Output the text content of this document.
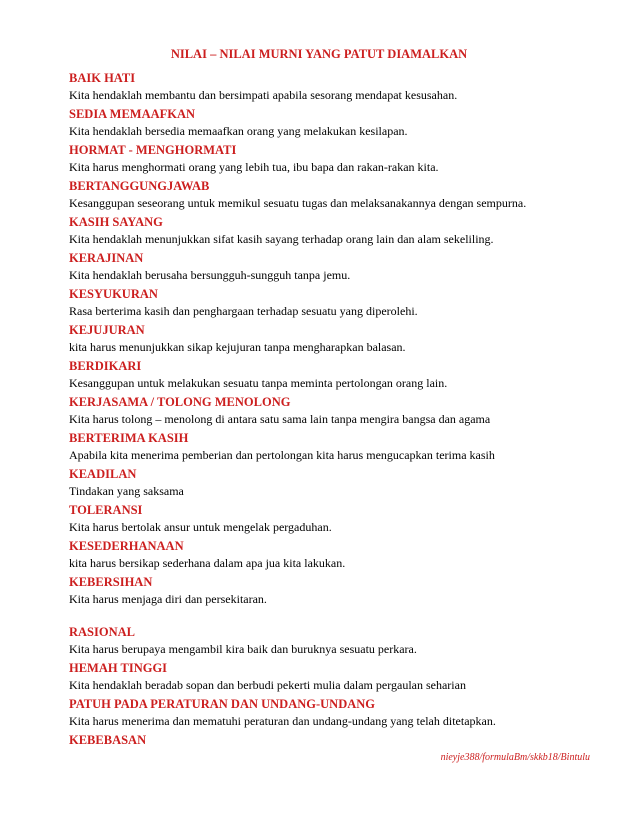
NILAI – NILAI MURNI YANG PATUT DIAMALKAN
BAIK HATI
Kita hendaklah membantu dan bersimpati apabila sesorang mendapat kesusahan.
SEDIA MEMAAFKAN
Kita hendaklah bersedia memaafkan orang yang melakukan kesilapan.
HORMAT - MENGHORMATI
Kita harus menghormati orang yang lebih tua, ibu bapa dan rakan-rakan kita.
BERTANGGUNGJAWAB
Kesanggupan seseorang untuk memikul sesuatu tugas dan melaksanakannya dengan sempurna.
KASIH SAYANG
Kita hendaklah menunjukkan sifat kasih sayang terhadap orang lain dan alam sekeliling.
KERAJINAN
Kita hendaklah berusaha bersungguh-sungguh tanpa jemu.
KESYUKURAN
Rasa berterima kasih dan penghargaan terhadap sesuatu yang diperolehi.
KEJUJURAN
kita harus menunjukkan sikap kejujuran tanpa mengharapkan balasan.
BERDIKARI
Kesanggupan untuk melakukan sesuatu tanpa meminta pertolongan orang lain.
KERJASAMA / TOLONG MENOLONG
Kita harus tolong – menolong di antara satu sama lain tanpa mengira bangsa dan agama
BERTERIMA KASIH
Apabila kita menerima pemberian dan pertolongan kita harus mengucapkan terima kasih
KEADILAN
Tindakan yang saksama
TOLERANSI
Kita harus bertolak ansur untuk mengelak pergaduhan.
KESEDERHANAAN
kita harus bersikap sederhana dalam apa jua kita lakukan.
KEBERSIHAN
Kita harus menjaga diri dan persekitaran.
RASIONAL
Kita harus berupaya mengambil kira baik dan buruknya sesuatu perkara.
HEMAH TINGGI
Kita hendaklah beradab sopan dan berbudi pekerti mulia dalam pergaulan seharian
PATUH PADA PERATURAN DAN UNDANG-UNDANG
Kita harus menerima dan mematuhi peraturan dan undang-undang yang telah ditetapkan.
KEBEBASAN
nieyje388/formulaBm/skkb18/Bintulu
